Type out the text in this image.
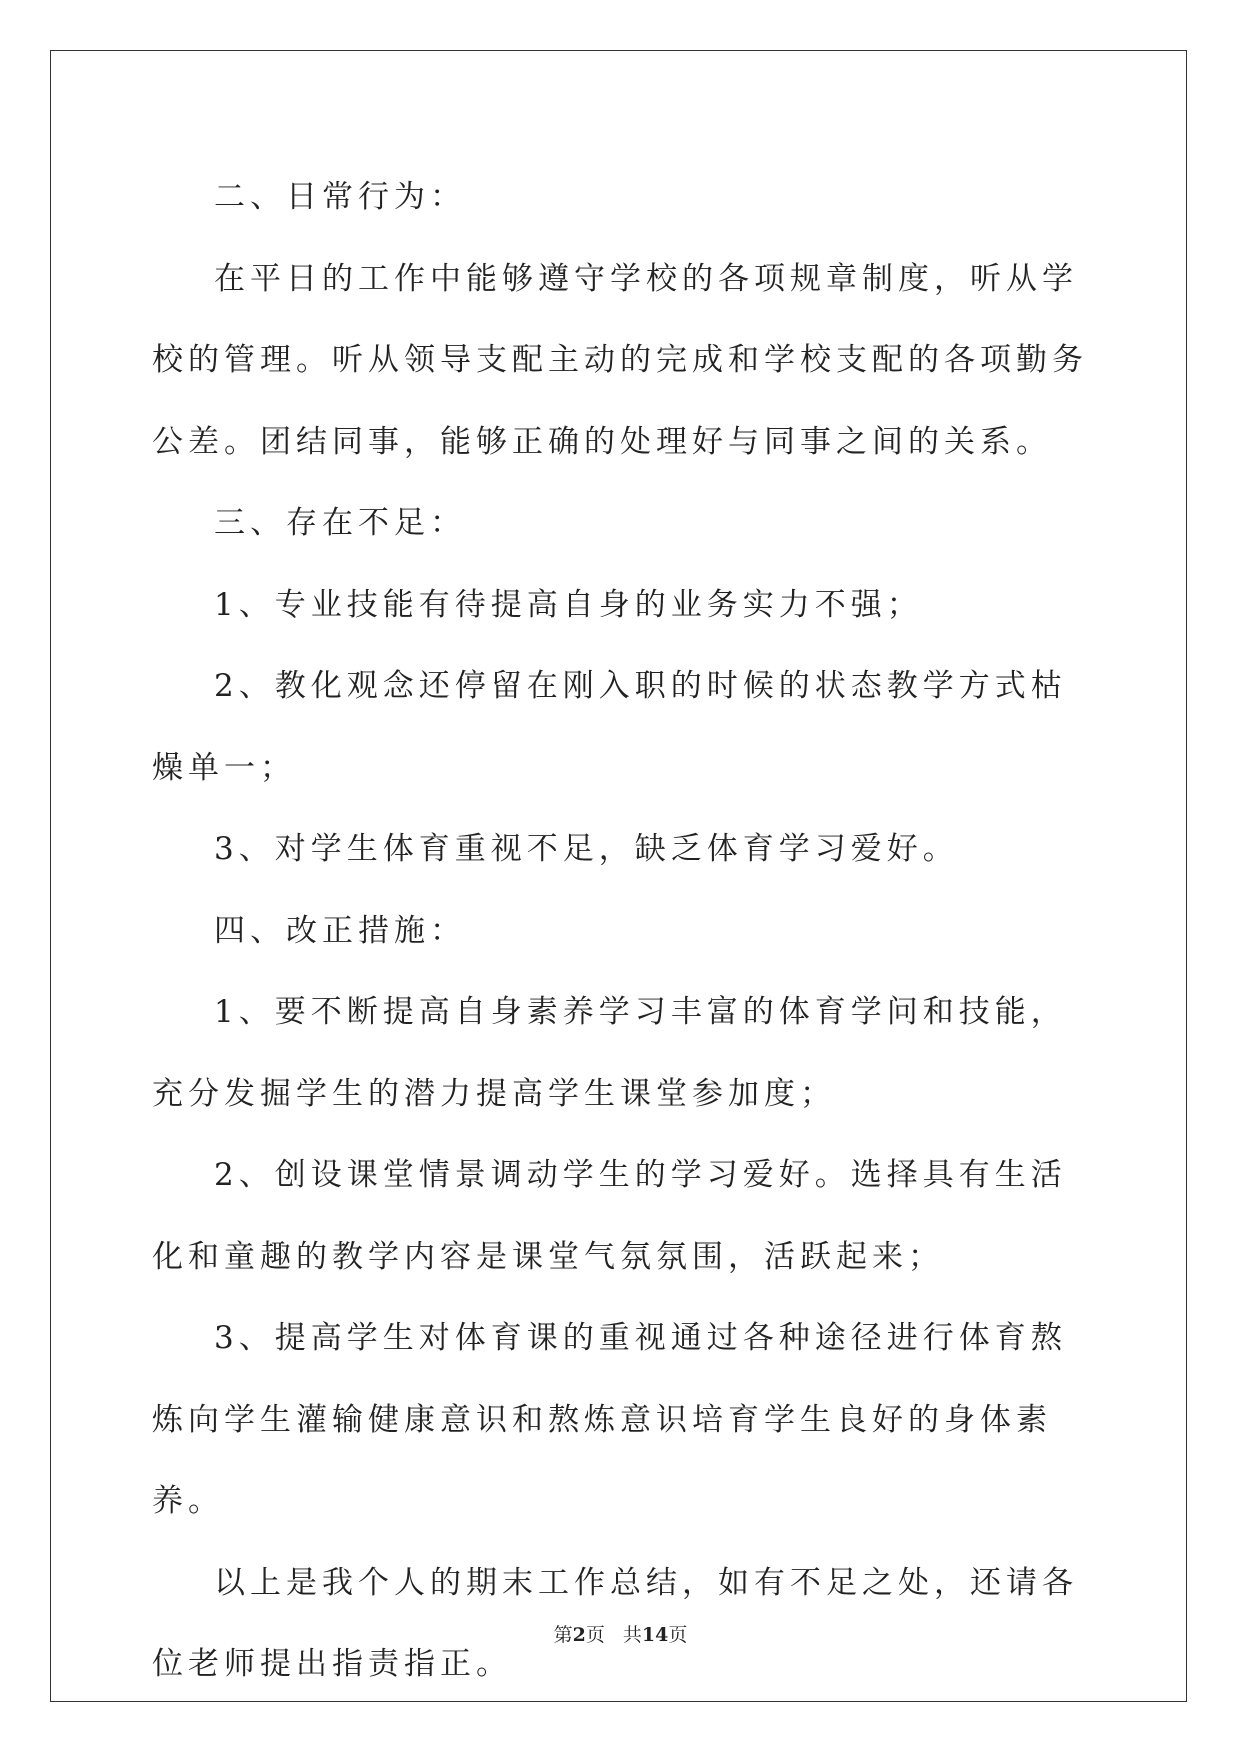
二、日常行为：

在平日的工作中能够遵守学校的各项规章制度，听从学校的管理。听从领导支配主动的完成和学校支配的各项勤务公差。团结同事，能够正确的处理好与同事之间的关系。

三、存在不足：

1、专业技能有待提高自身的业务实力不强；

2、教化观念还停留在刚入职的时候的状态教学方式枯燥单一；

3、对学生体育重视不足，缺乏体育学习爱好。

四、改正措施：

1、要不断提高自身素养学习丰富的体育学问和技能，充分发掘学生的潜力提高学生课堂参加度；

2、创设课堂情景调动学生的学习爱好。选择具有生活化和童趣的教学内容是课堂气氛氛围，活跃起来；

3、提高学生对体育课的重视通过各种途径进行体育熬炼向学生灌输健康意识和熬炼意识培育学生良好的身体素养。

以上是我个人的期末工作总结，如有不足之处，还请各位老师提出指责指正。

第2页 共14页
